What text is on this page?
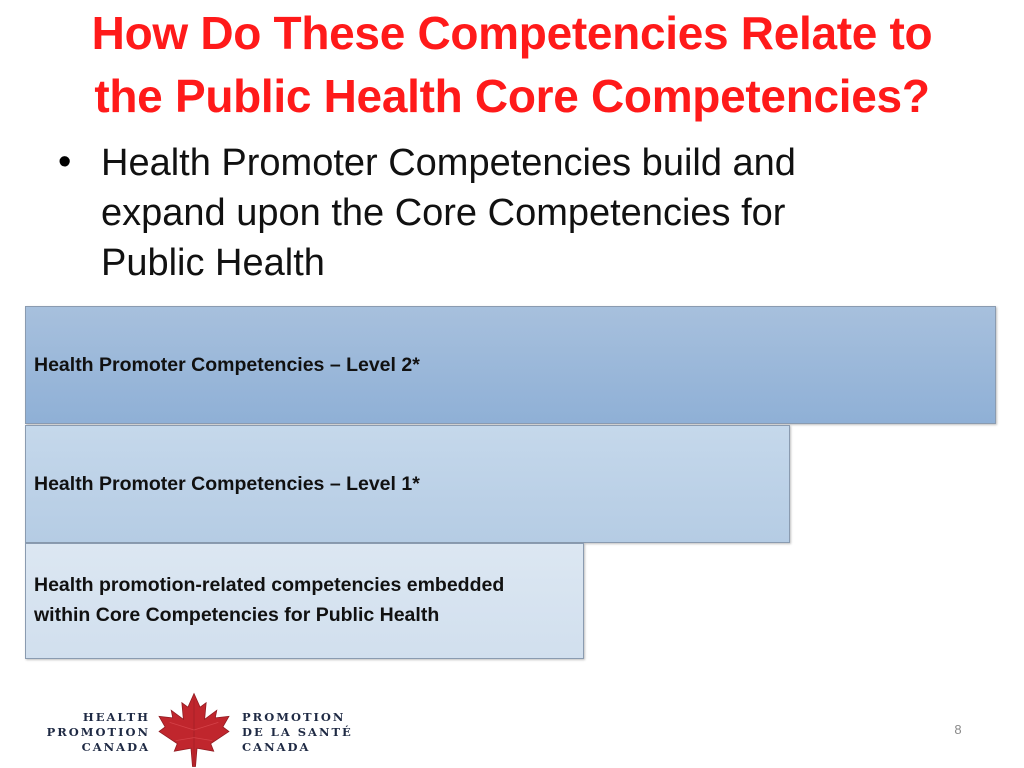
How Do These Competencies Relate to
the Public Health Core Competencies?
• Health Promoter Competencies build and
expand upon the Core Competencies for
Public Health
Health Promoter Competencies – Level 2*
Health Promoter Competencies – Level 1*
Health promotion-related competencies embedded
within Core Competencies for Public Health
HEALTH
PROMOTION
CANADA
PROMOTION
DE LA SANTÉ
CANADA
8
